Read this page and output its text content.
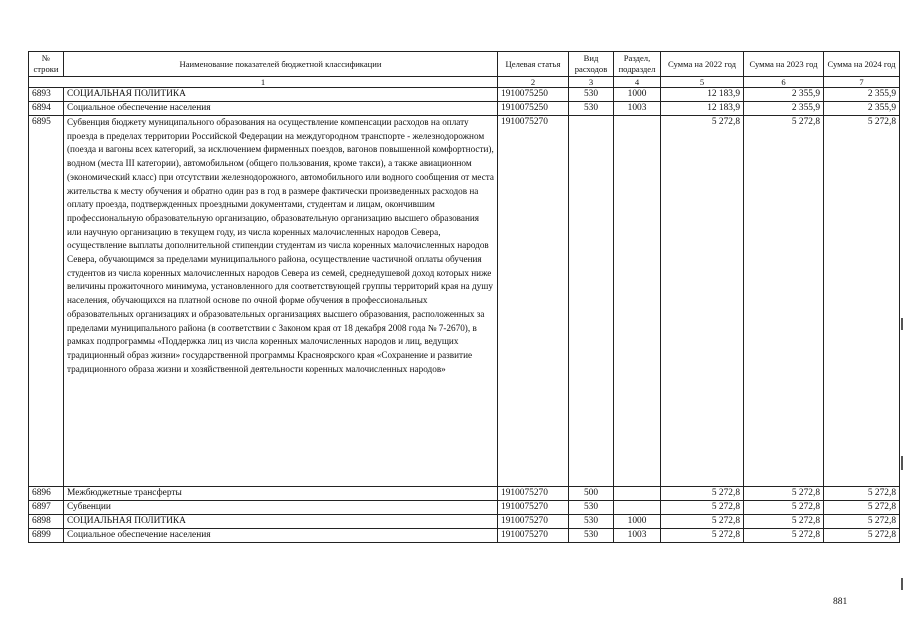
№ строки	Наименование показателей бюджетной классификации	Целевая статья	Вид расходов	Раздел, подраздел	Сумма на 2022 год	Сумма на 2023 год	Сумма на 2024 год
1		2	3	4	5	6	7
6893	СОЦИАЛЬНАЯ ПОЛИТИКА	1910075250	530	1000	12 183,9	2 355,9	2 355,9
6894	Социальное обеспечение населения	1910075250	530	1003	12 183,9	2 355,9	2 355,9
6895	Субвенция бюджету муниципального образования на осуществление компенсации расходов на оплату проезда в пределах территории Российской Федерации на междугородном транспорте - железнодорожном (поезда и вагоны всех категорий, за исключением фирменных поездов, вагонов повышенной комфортности), водном (места III категории), автомобильном (общего пользования, кроме такси), а также авиационном (экономический класс) при отсутствии железнодорожного, автомобильного или водного сообщения от места жительства к месту обучения и обратно один раз в год в размере фактически произведенных расходов на оплату проезда, подтвержденных проездными документами, студентам и лицам, окончившим профессиональную образовательную организацию, образовательную организацию высшего образования или научную организацию в текущем году, из числа коренных малочисленных народов Севера, осуществление выплаты дополнительной стипендии студентам из числа коренных малочисленных народов Севера, обучающимся за пределами муниципального района, осуществление частичной оплаты обучения студентов из числа коренных малочисленных народов Севера из семей, среднедушевой доход которых ниже величины прожиточного минимума, установленного для соответствующей группы территорий края на душу населения, обучающихся на платной основе по очной форме обучения в профессиональных образовательных организациях и образовательных организациях высшего образования, расположенных за пределами муниципального района (в соответствии с Законом края от 18 декабря 2008 года № 7-2670), в рамках подпрограммы «Поддержка лиц из числа коренных малочисленных народов и лиц, ведущих традиционный образ жизни» государственной программы Красноярского края «Сохранение и развитие традиционного образа жизни и хозяйственной деятельности коренных малочисленных народов»	1910075270			5 272,8	5 272,8	5 272,8
6896	Межбюджетные трансферты	1910075270	500		5 272,8	5 272,8	5 272,8
6897	Субвенции	1910075270	530		5 272,8	5 272,8	5 272,8
6898	СОЦИАЛЬНАЯ ПОЛИТИКА	1910075270	530	1000	5 272,8	5 272,8	5 272,8
6899	Социальное обеспечение населения	1910075270	530	1003	5 272,8	5 272,8	5 272,8
881
